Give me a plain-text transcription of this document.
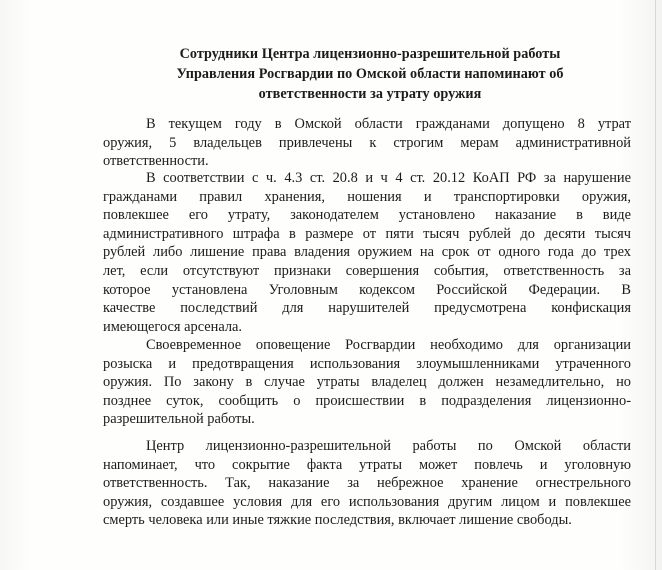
Сотрудники Центра лицензионно-разрешительной работы
Управления Росгвардии по Омской области напоминают об
ответственности за утрату оружия
В текущем году в Омской области гражданами допущено 8 утрат
оружия, 5 владельцев привлечены к строгим мерам административной
ответственности.
В соответствии с ч. 4.3 ст. 20.8 и ч 4 ст. 20.12 КоАП РФ за нарушение
гражданами правил хранения, ношения и транспортировки оружия,
повлекшее его утрату, законодателем установлено наказание в виде
административного штрафа в размере от пяти тысяч рублей до десяти тысяч
рублей либо лишение права владения оружием на срок от одного года до трех
лет, если отсутствуют признаки совершения события, ответственность за
которое установлена Уголовным кодексом Российской Федерации. В
качестве последствий для нарушителей предусмотрена конфискация
имеющегося арсенала.
Своевременное оповещение Росгвардии необходимо для организации
розыска и предотвращения использования злоумышленниками утраченного
оружия. По закону в случае утраты владелец должен незамедлительно, но
позднее суток, сообщить о происшествии в подразделения лицензионно-
разрешительной работы.
Центр лицензионно-разрешительной работы по Омской области
напоминает, что сокрытие факта утраты может повлечь и уголовную
ответственность. Так, наказание за небрежное хранение огнестрельного
оружия, создавшее условия для его использования другим лицом и повлекшее
смерть человека или иные тяжкие последствия, включает лишение свободы.
